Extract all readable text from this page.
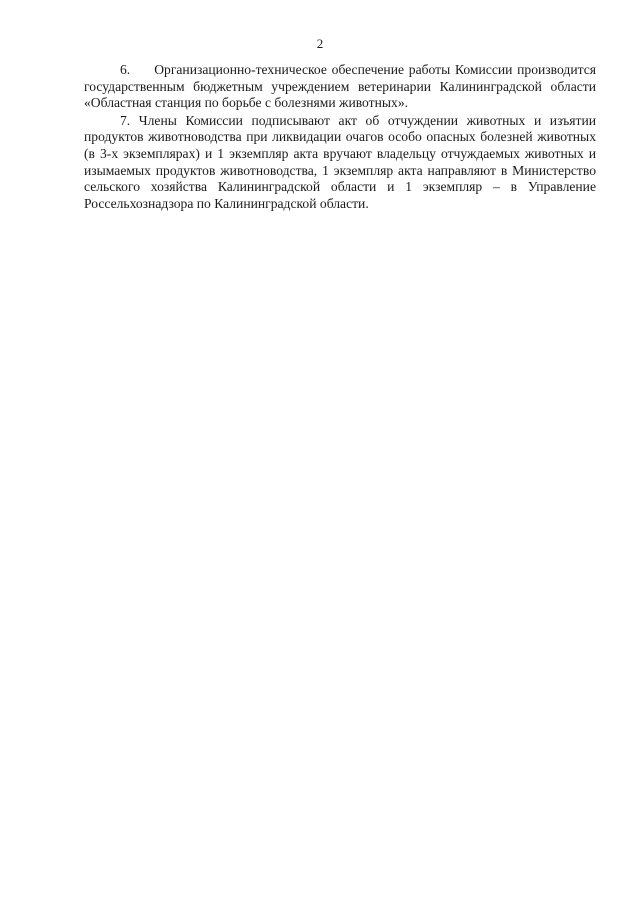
2

6. Организационно-техническое обеспечение работы Комиссии производится государственным бюджетным учреждением ветеринарии Калининградской области «Областная станция по борьбе с болезнями животных».

7. Члены Комиссии подписывают акт об отчуждении животных и изъятии продуктов животноводства при ликвидации очагов особо опасных болезней животных (в 3-х экземплярах) и 1 экземпляр акта вручают владельцу отчуждаемых животных и изымаемых продуктов животноводства, 1 экземпляр акта направляют в Министерство сельского хозяйства Калининградской области и 1 экземпляр – в Управление Россельхознадзора по Калининградской области.
